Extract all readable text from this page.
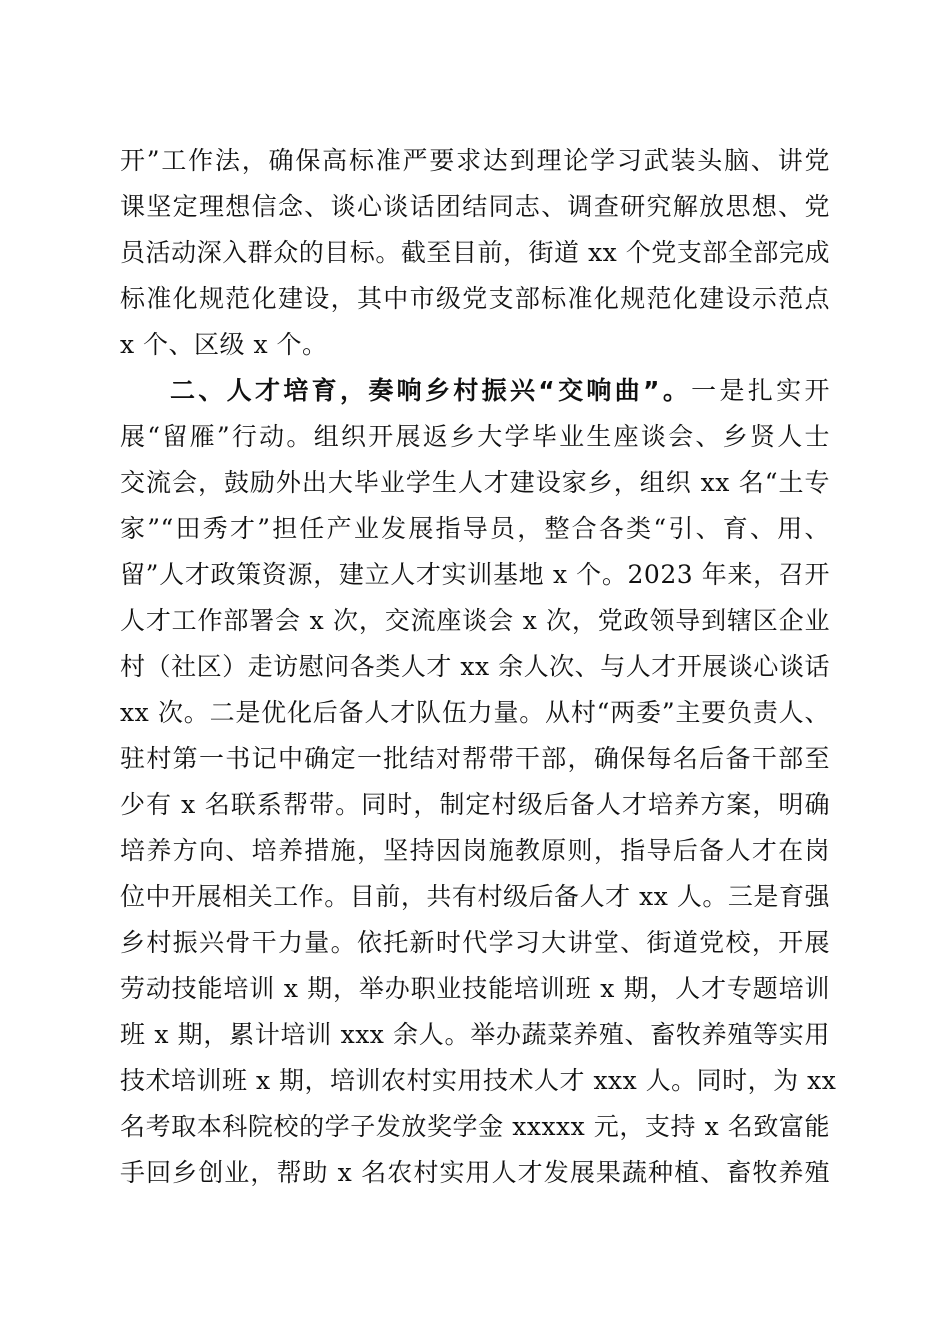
开”工作法，确保高标准严要求达到理论学习武装头脑、讲党
课坚定理想信念、谈心谈话团结同志、调查研究解放思想、党
员活动深入群众的目标。截至目前，街道 xx 个党支部全部完成
标准化规范化建设，其中市级党支部标准化规范化建设示范点
x 个、区级 x 个。
二、人才培育，奏响乡村振兴“交响曲”。一是扎实开
展“留雁”行动。组织开展返乡大学毕业生座谈会、乡贤人士
交流会，鼓励外出大毕业学生人才建设家乡，组织 xx 名“土专
家”“田秀才”担任产业发展指导员，整合各类“引、育、用、
留”人才政策资源，建立人才实训基地 x 个。2023 年来，召开
人才工作部署会 x 次，交流座谈会 x 次，党政领导到辖区企业
村（社区）走访慰问各类人才 xx 余人次、与人才开展谈心谈话
xx 次。二是优化后备人才队伍力量。从村“两委”主要负责人、
驻村第一书记中确定一批结对帮带干部，确保每名后备干部至
少有 x 名联系帮带。同时，制定村级后备人才培养方案，明确
培养方向、培养措施，坚持因岗施教原则，指导后备人才在岗
位中开展相关工作。目前，共有村级后备人才 xx 人。三是育强
乡村振兴骨干力量。依托新时代学习大讲堂、街道党校，开展
劳动技能培训 x 期，举办职业技能培训班 x 期，人才专题培训
班 x 期，累计培训 xxx 余人。举办蔬菜养殖、畜牧养殖等实用
技术培训班 x 期，培训农村实用技术人才 xxx 人。同时，为 xx
名考取本科院校的学子发放奖学金 xxxxx 元，支持 x 名致富能
手回乡创业，帮助 x 名农村实用人才发展果蔬种植、畜牧养殖
